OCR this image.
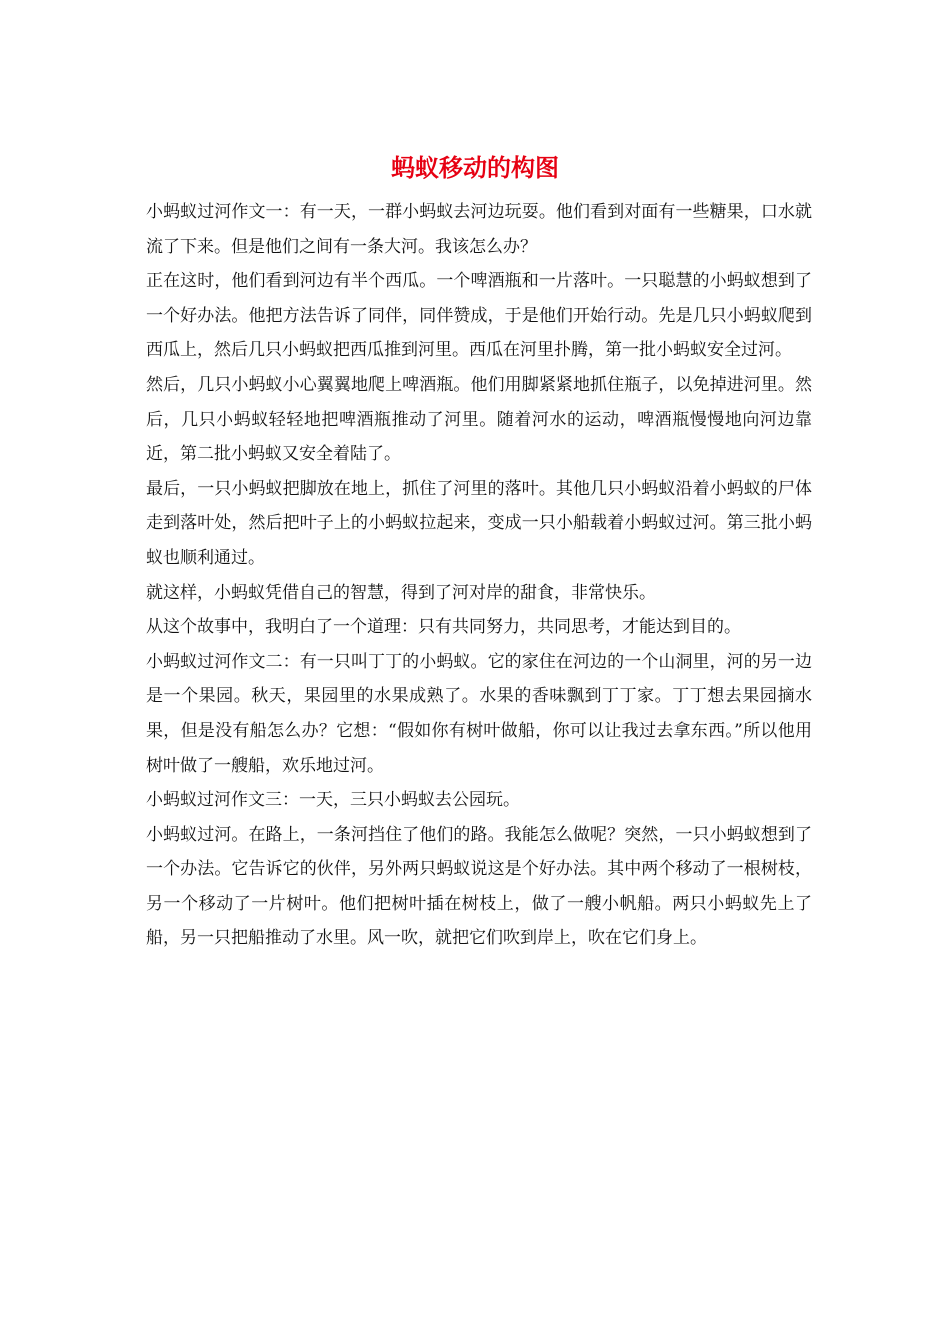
蚂蚁移动的构图

小蚂蚁过河作文一：有一天，一群小蚂蚁去河边玩耍。他们看到对面有一些糖果，口水就流了下来。但是他们之间有一条大河。我该怎么办？

正在这时，他们看到河边有半个西瓜。一个啤酒瓶和一片落叶。一只聪慧的小蚂蚁想到了一个好办法。他把方法告诉了同伴，同伴赞成，于是他们开始行动。先是几只小蚂蚁爬到西瓜上，然后几只小蚂蚁把西瓜推到河里。西瓜在河里扑腾，第一批小蚂蚁安全过河。

然后，几只小蚂蚁小心翼翼地爬上啤酒瓶。他们用脚紧紧地抓住瓶子，以免掉进河里。然后，几只小蚂蚁轻轻地把啤酒瓶推动了河里。随着河水的运动，啤酒瓶慢慢地向河边靠近，第二批小蚂蚁又安全着陆了。

最后，一只小蚂蚁把脚放在地上，抓住了河里的落叶。其他几只小蚂蚁沿着小蚂蚁的尸体走到落叶处，然后把叶子上的小蚂蚁拉起来，变成一只小船载着小蚂蚁过河。第三批小蚂蚁也顺利通过。

就这样，小蚂蚁凭借自己的智慧，得到了河对岸的甜食，非常快乐。

从这个故事中，我明白了一个道理：只有共同努力，共同思考，才能达到目的。

小蚂蚁过河作文二：有一只叫丁丁的小蚂蚁。它的家住在河边的一个山洞里，河的另一边是一个果园。秋天，果园里的水果成熟了。水果的香味飘到丁丁家。丁丁想去果园摘水果，但是没有船怎么办？它想：“假如你有树叶做船，你可以让我过去拿东西。”所以他用树叶做了一艘船，欢乐地过河。

小蚂蚁过河作文三：一天，三只小蚂蚁去公园玩。

小蚂蚁过河。在路上，一条河挡住了他们的路。我能怎么做呢？突然，一只小蚂蚁想到了一个办法。它告诉它的伙伴，另外两只蚂蚁说这是个好办法。其中两个移动了一根树枝，另一个移动了一片树叶。他们把树叶插在树枝上，做了一艘小帆船。两只小蚂蚁先上了船，另一只把船推动了水里。风一吹，就把它们吹到岸上，吹在它们身上。
